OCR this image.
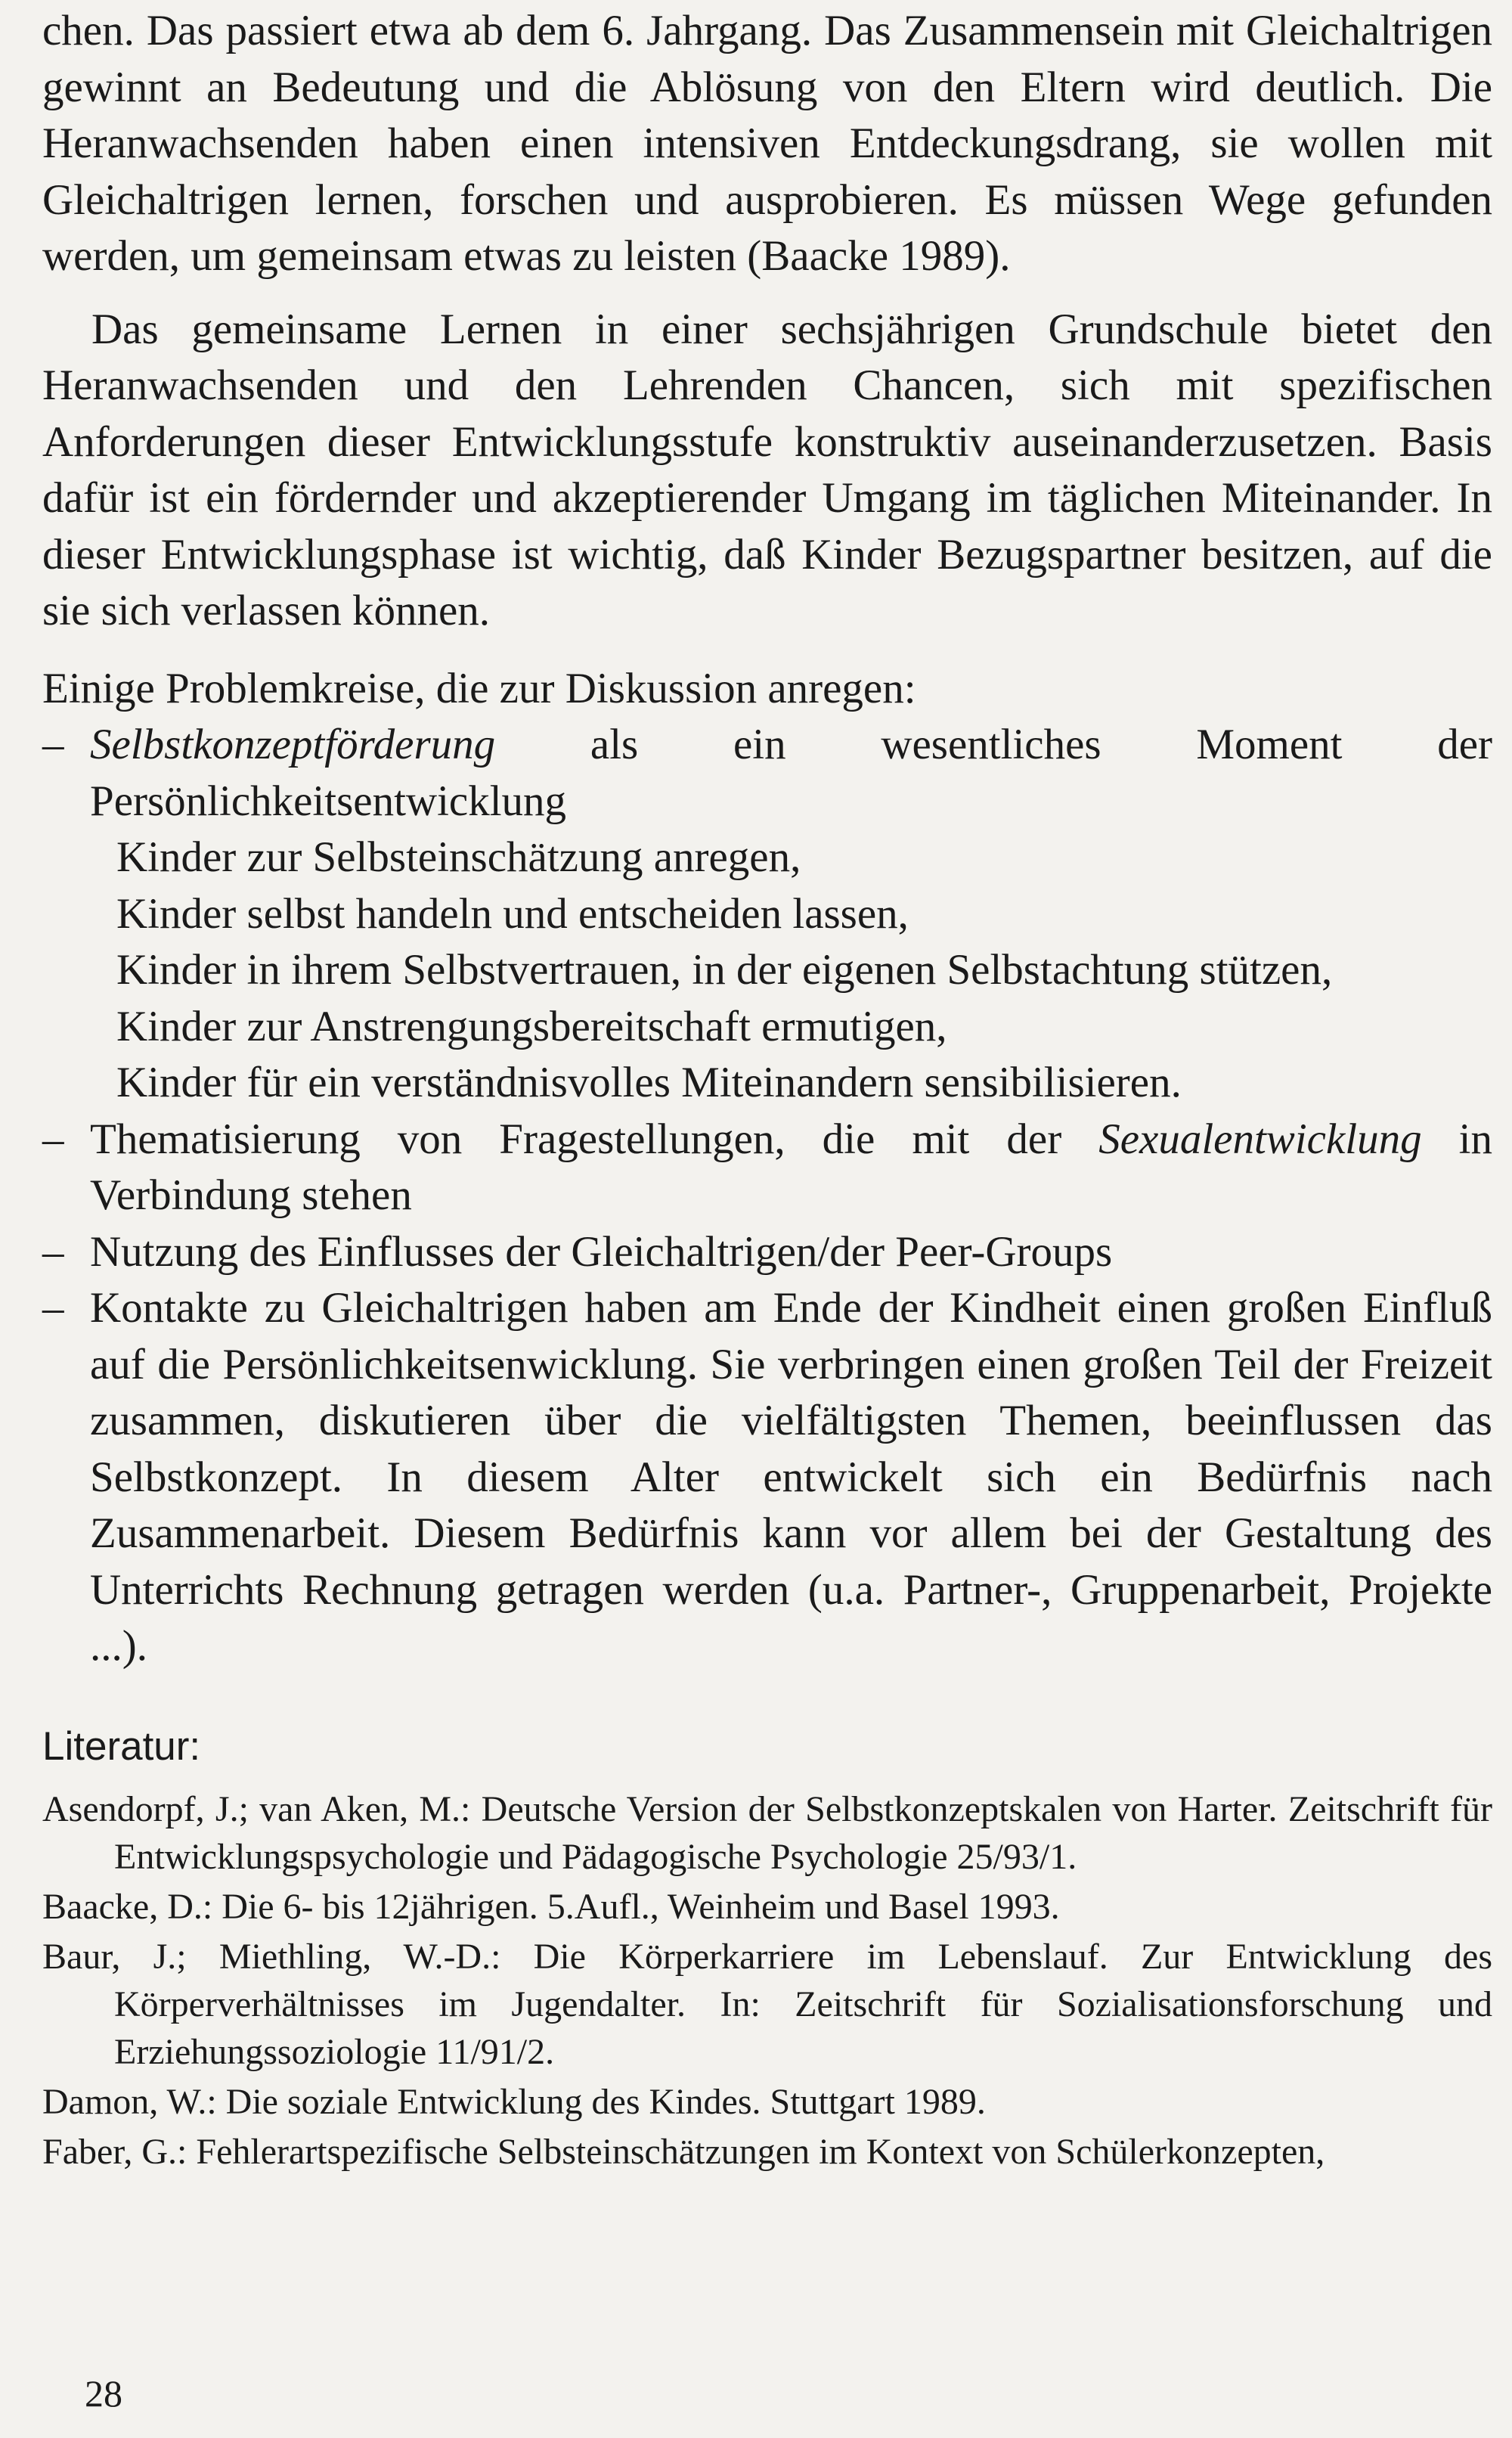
chen. Das passiert etwa ab dem 6. Jahrgang. Das Zusammensein mit Gleichaltrigen gewinnt an Bedeutung und die Ablösung von den Eltern wird deutlich. Die Heranwachsenden haben einen intensiven Entdeckungsdrang, sie wollen mit Gleichaltrigen lernen, forschen und ausprobieren. Es müssen Wege gefunden werden, um gemeinsam etwas zu leisten (Baacke 1989).

Das gemeinsame Lernen in einer sechsjährigen Grundschule bietet den Heranwachsenden und den Lehrenden Chancen, sich mit spezifischen Anforderungen dieser Entwicklungsstufe konstruktiv auseinanderzusetzen. Basis dafür ist ein fördernder und akzeptierender Umgang im täglichen Miteinander. In dieser Entwicklungsphase ist wichtig, daß Kinder Bezugspartner besitzen, auf die sie sich verlassen können.

Einige Problemkreise, die zur Diskussion anregen:

– Selbstkonzeptförderung als ein wesentliches Moment der Persönlichkeitsentwicklung
Kinder zur Selbsteinschätzung anregen,
Kinder selbst handeln und entscheiden lassen,
Kinder in ihrem Selbstvertrauen, in der eigenen Selbstachtung stützen,
Kinder zur Anstrengungsbereitschaft ermutigen,
Kinder für ein verständnisvolles Miteinandern sensibilisieren.
– Thematisierung von Fragestellungen, die mit der Sexualentwicklung in Verbindung stehen
– Nutzung des Einflusses der Gleichaltrigen/der Peer-Groups
– Kontakte zu Gleichaltrigen haben am Ende der Kindheit einen großen Einfluß auf die Persönlichkeitsenwicklung. Sie verbringen einen großen Teil der Freizeit zusammen, diskutieren über die vielfältigsten Themen, beeinflussen das Selbstkonzept. In diesem Alter entwickelt sich ein Bedürfnis nach Zusammenarbeit. Diesem Bedürfnis kann vor allem bei der Gestaltung des Unterrichts Rechnung getragen werden (u.a. Partner-, Gruppenarbeit, Projekte ...).
Literatur:
Asendorpf, J.; van Aken, M.: Deutsche Version der Selbstkonzeptskalen von Harter. Zeitschrift für Entwicklungspsychologie und Pädagogische Psychologie 25/93/1.
Baacke, D.: Die 6- bis 12jährigen. 5.Aufl., Weinheim und Basel 1993.
Baur, J.; Miethling, W.-D.: Die Körperkarriere im Lebenslauf. Zur Entwicklung des Körperverhältnisses im Jugendalter. In: Zeitschrift für Sozialisationsforschung und Erziehungssoziologie 11/91/2.
Damon, W.: Die soziale Entwicklung des Kindes. Stuttgart 1989.
Faber, G.: Fehlerartspezifische Selbsteinschätzungen im Kontext von Schülerkonzepten,
28
